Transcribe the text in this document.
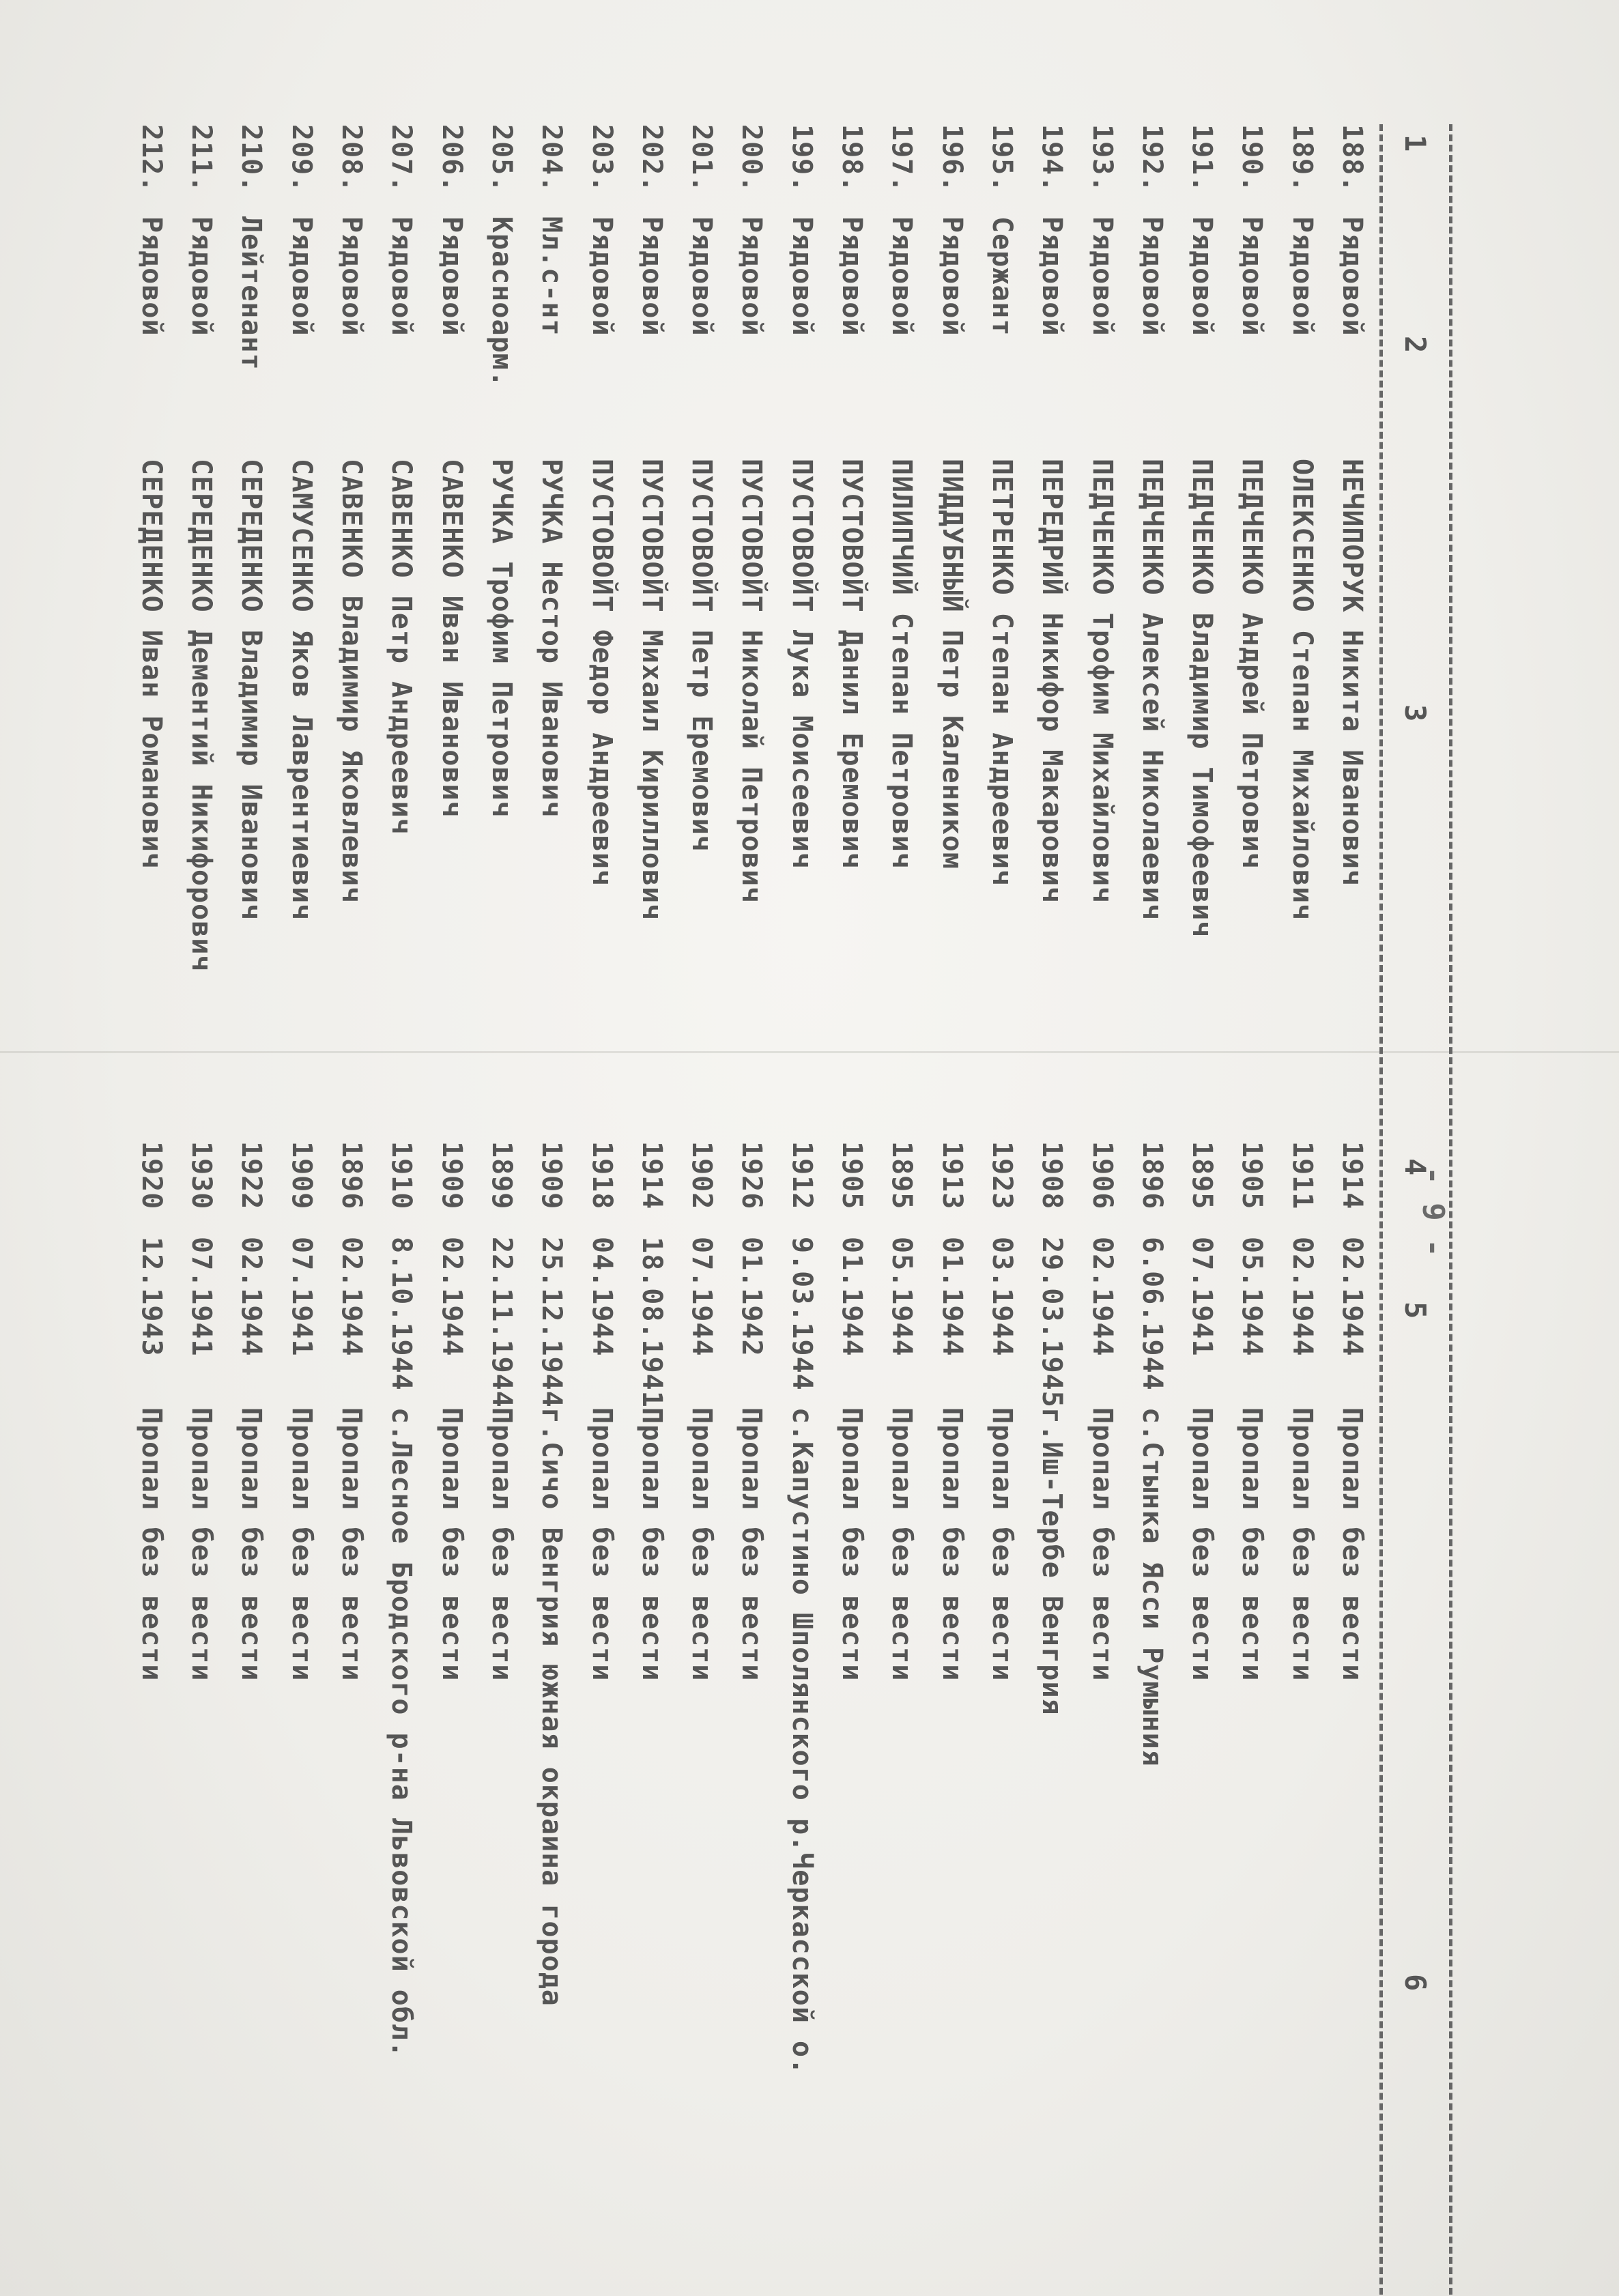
- 9 -
1
2
3
4
5
6
188.
Рядовой
НЕЧИПОРУК Никита Иванович
1914
02.1944
Пропал без вести
189.
Рядовой
ОЛЕКСЕНКО Степан Михайлович
1911
02.1944
Пропал без вести
190.
Рядовой
ПЕДЧЕНКО Андрей Петрович
1905
05.1944
Пропал без вести
191.
Рядовой
ПЕДЧЕНКО Владимир Тимофеевич
1895
07.1941
Пропал без вести
192.
Рядовой
ПЕДЧЕНКО Алексей Николаевич
1896
6.06.1944
с.Стынка Ясси Румыния
193.
Рядовой
ПЕДЧЕНКО Трофим Михайлович
1906
02.1944
Пропал без вести
194.
Рядовой
ПЕРЕДРИЙ Никифор Макарович
1908
29.03.1945
г.Иш-Тербе Венгрия
195.
Сержант
ПЕТРЕНКО Степан Андреевич
1923
03.1944
Пропал без вести
196.
Рядовой
ПИДДУБНЫЙ Петр Калеником
1913
01.1944
Пропал без вести
197.
Рядовой
ПИЛИПЧИЙ Степан Петрович
1895
05.1944
Пропал без вести
198.
Рядовой
ПУСТОВОЙТ Данил Еремович
1905
01.1944
Пропал без вести
199.
Рядовой
ПУСТОВОЙТ Лука Моисеевич
1912
9.03.1944
с.Капустино Шполянского р.Черкасской о.
200.
Рядовой
ПУСТОВОЙТ Николай Петрович
1926
01.1942
Пропал без вести
201.
Рядовой
ПУСТОВОЙТ Петр Еремович
1902
07.1944
Пропал без вести
202.
Рядовой
ПУСТОВОЙТ Михаил Кириллович
1914
18.08.1941
Пропал без вести
203.
Рядовой
ПУСТОВОЙТ Федор Андреевич
1918
04.1944
Пропал без вести
204.
Мл.с-нт
РУЧКА Нестор Иванович
1909
25.12.1944
г.Сичо Венгрия южная окраина города
205.
Красноарм.
РУЧКА Трофим Петрович
1899
22.11.1944
Пропал без вести
206.
Рядовой
САВЕНКО Иван Иванович
1909
02.1944
Пропал без вести
207.
Рядовой
САВЕНКО Петр Андреевич
1910
8.10.1944
с.Лесное Бродского р-на Львовской обл.
208.
Рядовой
САВЕНКО Владимир Яковлевич
1896
02.1944
Пропал без вести
209.
Рядовой
САМУСЕНКО Яков Лаврентиевич
1909
07.1941
Пропал без вести
210.
Лейтенант
СЕРЕДЕНКО Владимир Иванович
1922
02.1944
Пропал без вести
211.
Рядовой
СЕРЕДЕНКО Дементий Никифорович
1930
07.1941
Пропал без вести
212.
Рядовой
СЕРЕДЕНКО Иван Романович
1920
12.1943
Пропал без вести
